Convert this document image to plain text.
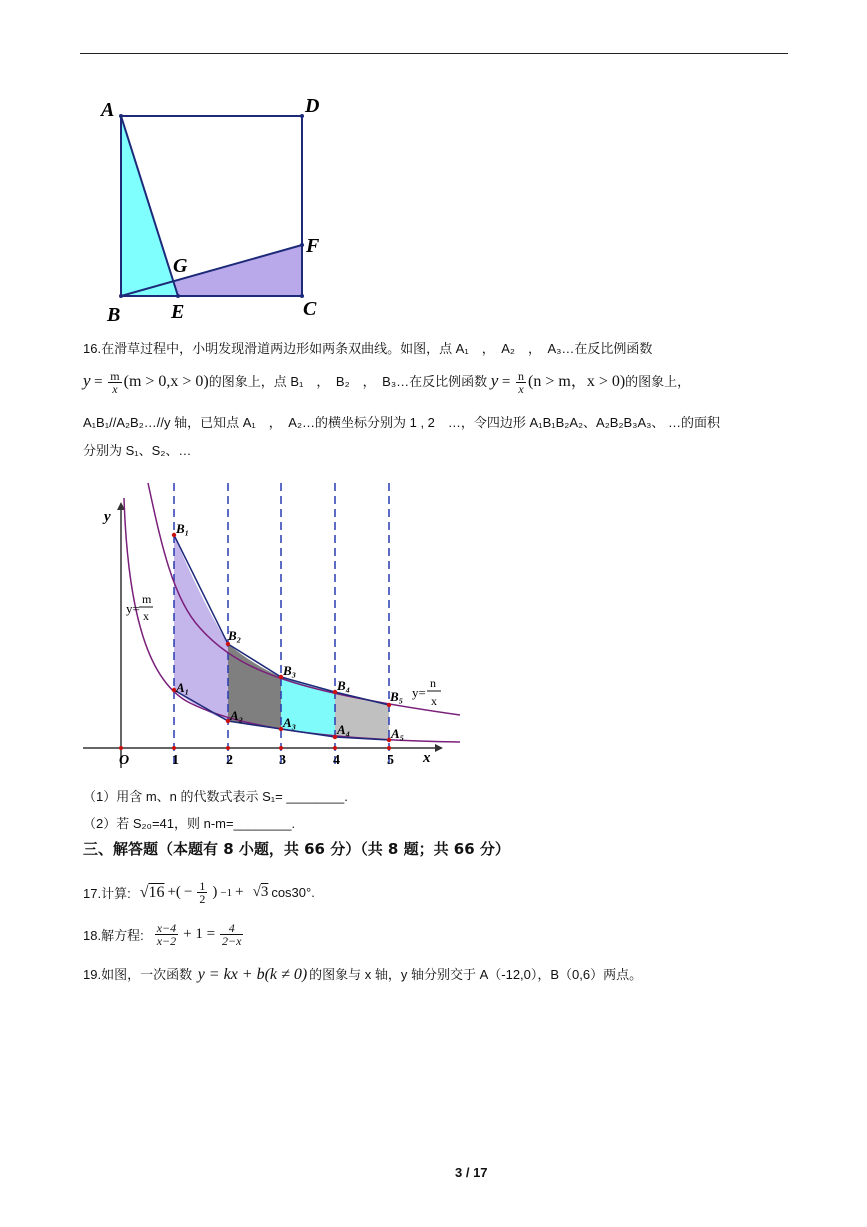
A	D
B	C
E
F
G
16.在滑草过程中，小明发现滑道两边形如两条双曲线。如图，点 A₁　，　A₂　，　A₃…在反比例函数
$y = \frac{m}{x} (m > 0,x > 0)$的图象上，点 B₁　，　B₂　，　B₃…在反比例函数 $y = \frac{n}{x} (n > m$，x > 0)的图象上，
A₁B₁//A₂B₂…//y 轴，已知点 A₁　，　A₂…的横坐标分别为 1 , 2　…，令四边形 A₁B₁B₂A₂、A₂B₂B₃A₃、 …的面积
分别为 S₁、S₂、…
y
x
O	1	2	3	4	5
B₁
B₂
B₃
B₄
B₅
A₁
A₂	A₃	A₄	A₅
y=
m
x
y=
n
x
（1）用含 m、n 的代数式表示 S₁= ________.
（2）若 S₂₀=41，则 n-m=________.
三、解答题（本题有 8 小题，共 66 分）（共 8 题；共 66 分）
17.计算: √16 +( − $\frac{1}{2}$ ) −1 + √3 cos30°.
18.解方程: $\frac{x-4}{x-2} + 1 = \frac{4}{2-x}$
19.如图，一次函数 y = kx + b(k ≠ 0) 的图象与 x 轴，y 轴分别交于 A（-12,0），B（0,6）两点。
3 / 17
